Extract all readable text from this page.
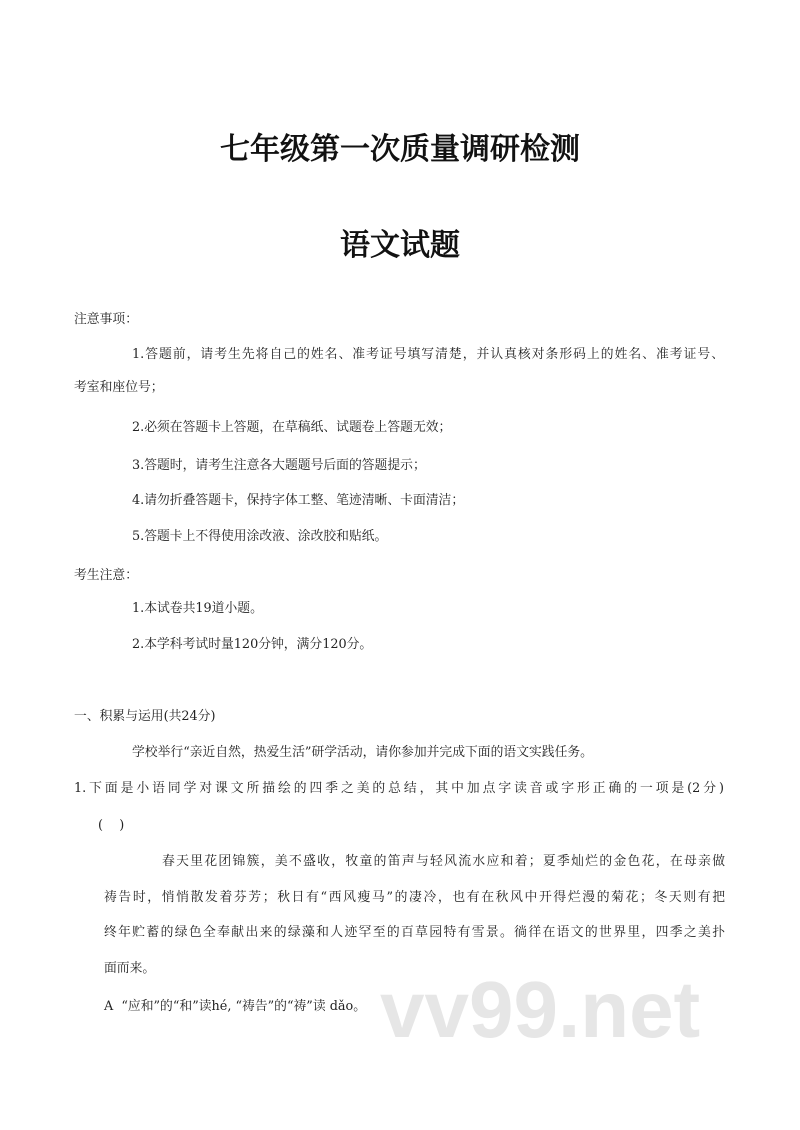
vv99.net
七年级第一次质量调研检测
语文试题
注意事项：
1.答题前，请考生先将自己的姓名、准考证号填写清楚，并认真核对条形码上的姓名、准考证号、
考室和座位号；
2.必须在答题卡上答题，在草稿纸、试题卷上答题无效；
3.答题时，请考生注意各大题题号后面的答题提示；
4.请勿折叠答题卡，保持字体工整、笔迹清晰、卡面清洁；
5.答题卡上不得使用涂改液、涂改胶和贴纸。
考生注意：
1.本试卷共19道小题。
2.本学科考试时量120分钟，满分120分。
一、积累与运用(共24分)
学校举行“亲近自然，热爱生活”研学活动，请你参加并完成下面的语文实践任务。
1.下面是小语同学对课文所描绘的四季之美的总结，其中加点字读音或字形正确的一项是(2分)
(    )
春天里花团锦簇，美不盛收，牧童的笛声与轻风流水应和着；夏季灿烂的金色花，在母亲做
祷告时，悄悄散发着芬芳；秋日有“西风瘦马”的凄冷，也有在秋风中开得烂漫的菊花；冬天则有把
终年贮蓄的绿色全奉献出来的绿藻和人迹罕至的百草园特有雪景。徜徉在语文的世界里，四季之美扑
面而来。
A  “应和”的“和”读hé, “祷告”的“祷”读 dǎo。
